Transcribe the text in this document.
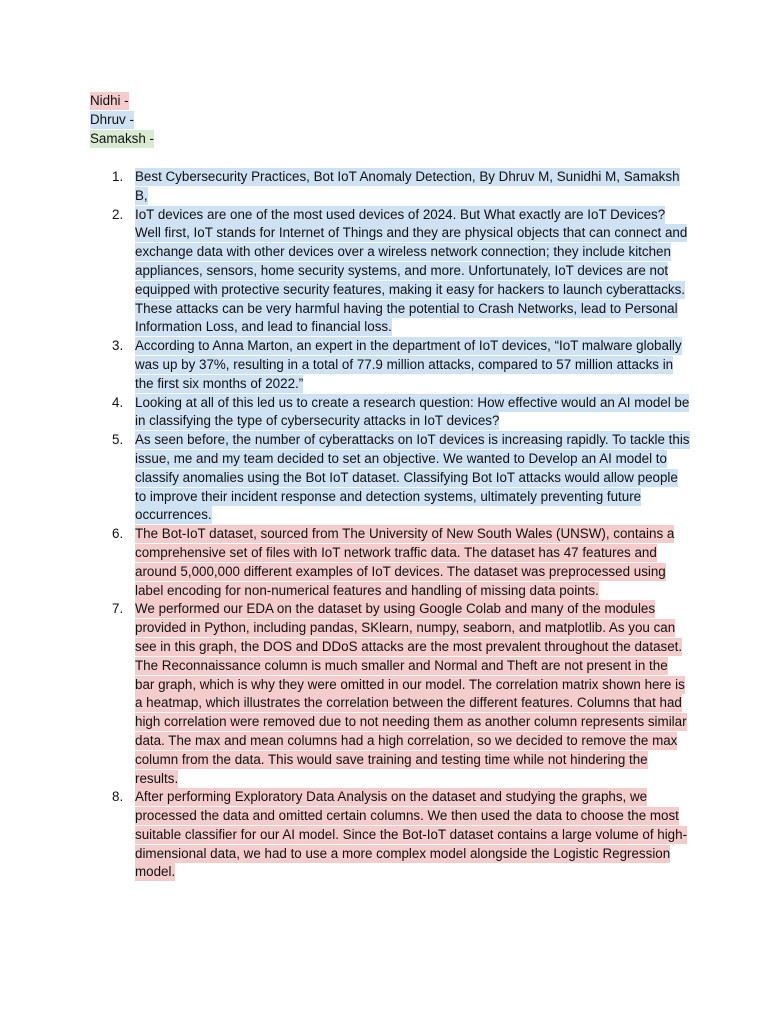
Nidhi -
Dhruv -
Samaksh -
1. Best Cybersecurity Practices, Bot IoT Anomaly Detection, By Dhruv M, Sunidhi M, Samaksh B,
2. IoT devices are one of the most used devices of 2024. But What exactly are IoT Devices? Well first, IoT stands for Internet of Things and they are physical objects that can connect and exchange data with other devices over a wireless network connection; they include kitchen appliances, sensors, home security systems, and more. Unfortunately, IoT devices are not equipped with protective security features, making it easy for hackers to launch cyberattacks. These attacks can be very harmful having the potential to Crash Networks, lead to Personal Information Loss, and lead to financial loss.
3. According to Anna Marton, an expert in the department of IoT devices, “IoT malware globally was up by 37%, resulting in a total of 77.9 million attacks, compared to 57 million attacks in the first six months of 2022.”
4. Looking at all of this led us to create a research question: How effective would an AI model be in classifying the type of cybersecurity attacks in IoT devices?
5. As seen before, the number of cyberattacks on IoT devices is increasing rapidly. To tackle this issue, me and my team decided to set an objective. We wanted to Develop an AI model to classify anomalies using the Bot IoT dataset. Classifying Bot IoT attacks would allow people to improve their incident response and detection systems, ultimately preventing future occurrences.
6. The Bot-IoT dataset, sourced from The University of New South Wales (UNSW), contains a comprehensive set of files with IoT network traffic data. The dataset has 47 features and around 5,000,000 different examples of IoT devices. The dataset was preprocessed using label encoding for non-numerical features and handling of missing data points.
7. We performed our EDA on the dataset by using Google Colab and many of the modules provided in Python, including pandas, SKlearn, numpy, seaborn, and matplotlib. As you can see in this graph, the DOS and DDoS attacks are the most prevalent throughout the dataset. The Reconnaissance column is much smaller and Normal and Theft are not present in the bar graph, which is why they were omitted in our model. The correlation matrix shown here is a heatmap, which illustrates the correlation between the different features. Columns that had high correlation were removed due to not needing them as another column represents similar data. The max and mean columns had a high correlation, so we decided to remove the max column from the data. This would save training and testing time while not hindering the results.
8. After performing Exploratory Data Analysis on the dataset and studying the graphs, we processed the data and omitted certain columns. We then used the data to choose the most suitable classifier for our AI model. Since the Bot-IoT dataset contains a large volume of high-dimensional data, we had to use a more complex model alongside the Logistic Regression model.
